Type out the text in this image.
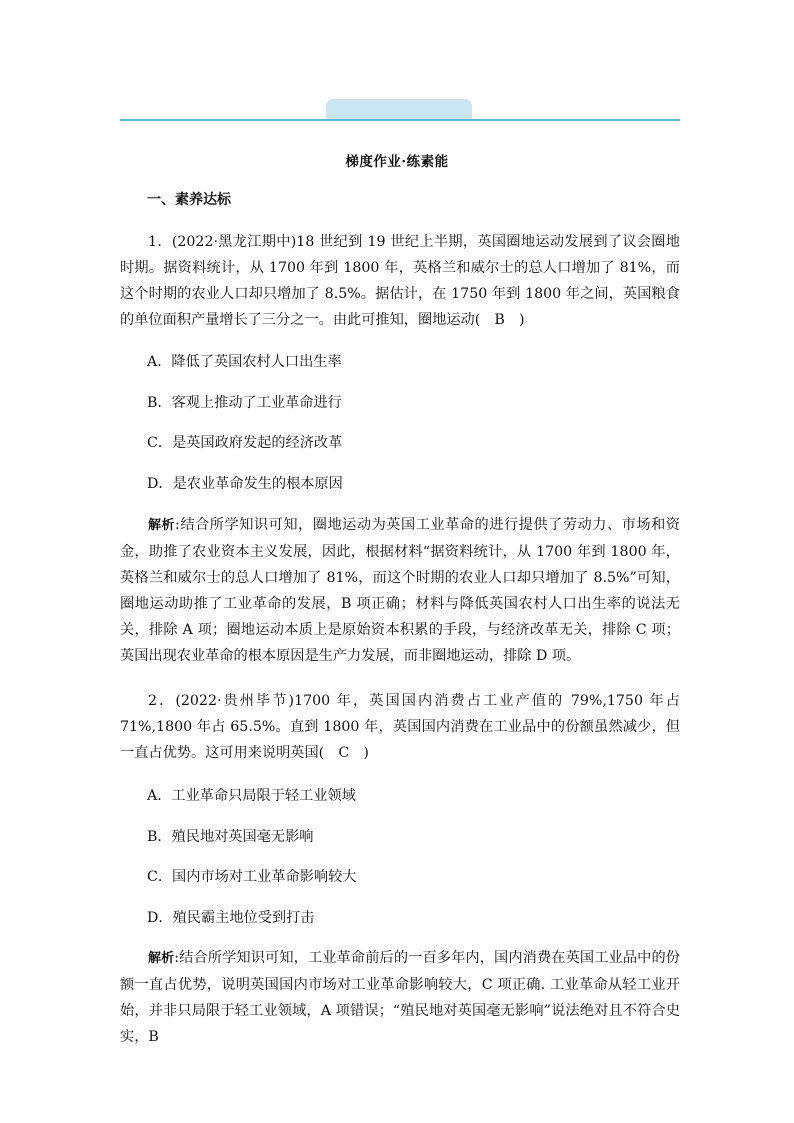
梯度作业·练素能
一、素养达标

1．(2022·黑龙江期中)18 世纪到 19 世纪上半期，英国圈地运动发展到了议会圈地时期。据资料统计，从 1700 年到 1800 年，英格兰和威尔士的总人口增加了 81%，而这个时期的农业人口却只增加了 8.5%。据估计，在 1750 年到 1800 年之间，英国粮食的单位面积产量增长了三分之一。由此可推知，圈地运动(　B　)

A．降低了英国农村人口出生率

B．客观上推动了工业革命进行

C．是英国政府发起的经济改革

D．是农业革命发生的根本原因

解析:结合所学知识可知，圈地运动为英国工业革命的进行提供了劳动力、市场和资金，助推了农业资本主义发展，因此，根据材料“据资料统计，从 1700 年到 1800 年，英格兰和威尔士的总人口增加了 81%，而这个时期的农业人口却只增加了 8.5%”可知，圈地运动助推了工业革命的发展，B 项正确；材料与降低英国农村人口出生率的说法无关，排除 A 项；圈地运动本质上是原始资本积累的手段，与经济改革无关，排除 C 项；英国出现农业革命的根本原因是生产力发展，而非圈地运动，排除 D 项。

2．(2022·贵州毕节)1700 年，英国国内消费占工业产值的 79%,1750 年占 71%,1800 年占 65.5%。直到 1800 年，英国国内消费在工业品中的份额虽然减少，但一直占优势。这可用来说明英国(　C　)

A．工业革命只局限于轻工业领域

B．殖民地对英国毫无影响

C．国内市场对工业革命影响较大

D．殖民霸主地位受到打击

解析:结合所学知识可知，工业革命前后的一百多年内，国内消费在英国工业品中的份额一直占优势，说明英国国内市场对工业革命影响较大，C 项正确. 工业革命从轻工业开始，并非只局限于轻工业领域，A 项错误；“殖民地对英国毫无影响”说法绝对且不符合史实，B
